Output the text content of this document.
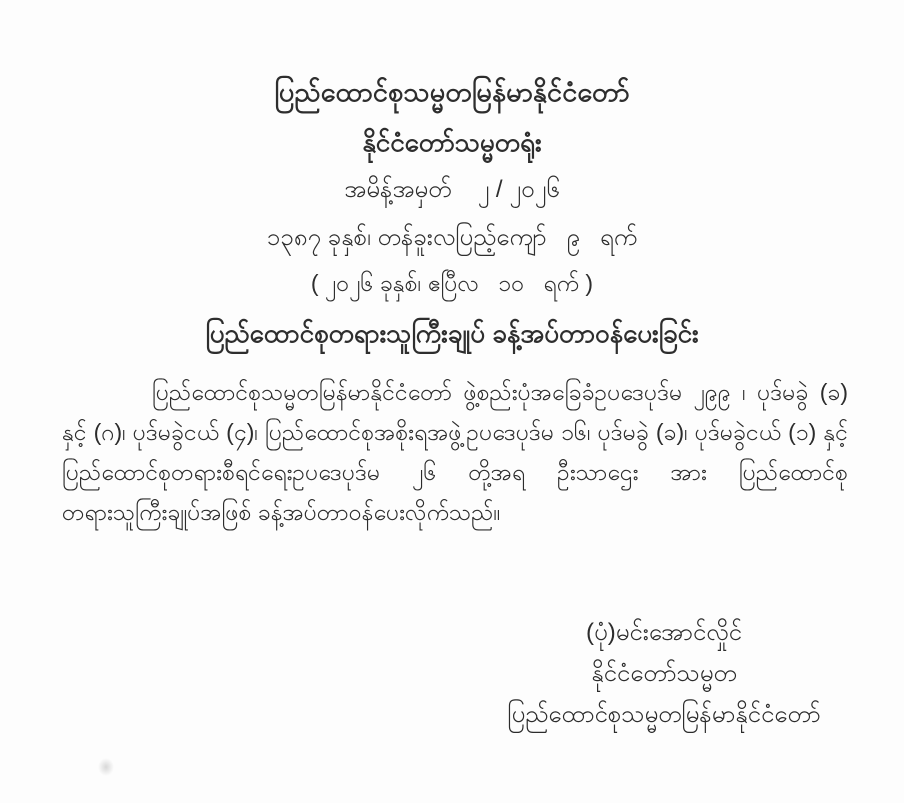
ပြည်ထောင်စုသမ္မတမြန်မာနိုင်ငံတော်
နိုင်ငံတော်သမ္မတရုံး
အမိန့်အမှတ် ၂ / ၂၀၂၆
၁၃၈၇ ခုနှစ်၊ တန်ခူးလပြည့်ကျော်   ၉   ရက်
( ၂၀၂၆ ခုနှစ်၊ ဧပြီလ   ၁၀   ရက် )
ပြည်ထောင်စုတရားသူကြီးချုပ် ခန့်အပ်တာဝန်ပေးခြင်း

ပြည်ထောင်စုသမ္မတမြန်မာနိုင်ငံတော် ဖွဲ့စည်းပုံအခြေခံဥပဒေပုဒ်မ ၂၉၉ ၊ ပုဒ်မခွဲ (ခ) နှင့် (ဂ)၊ ပုဒ်မခွဲငယ် (၄)၊ ပြည်ထောင်စုအစိုးရအဖွဲ့ဥပဒေပုဒ်မ ၁၆၊ ပုဒ်မခွဲ (ခ)၊ ပုဒ်မခွဲငယ် (၁) နှင့် ပြည်ထောင်စုတရားစီရင်ရေးဥပဒေပုဒ်မ ၂၆ တို့အရ ဦးသာဌေး အား ပြည်ထောင်စုတရားသူကြီးချုပ်အဖြစ် ခန့်အပ်တာဝန်ပေးလိုက်သည်။

(ပုံ)မင်းအောင်လှိုင်
နိုင်ငံတော်သမ္မတ
ပြည်ထောင်စုသမ္မတမြန်မာနိုင်ငံတော်
